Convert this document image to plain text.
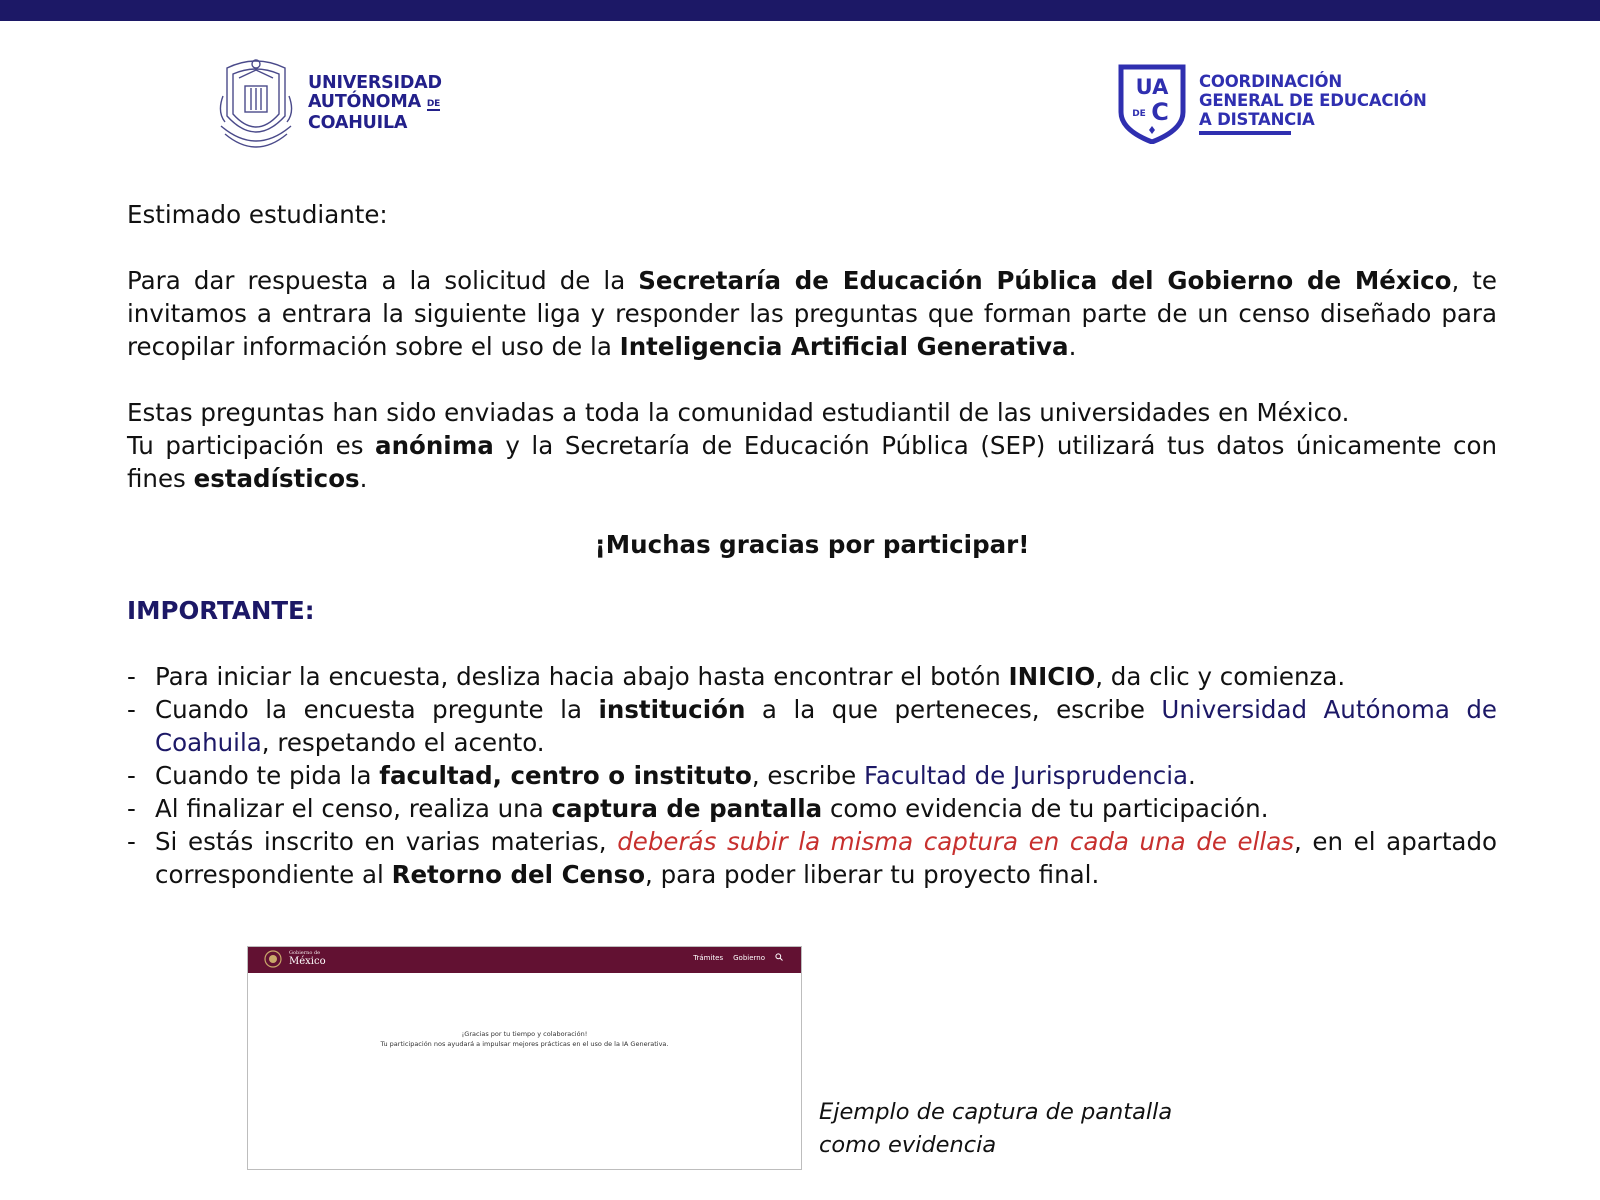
UNIVERSIDAD
AUTÓNOMA DE
COAHUILA
UA
DE C
COORDINACIÓN
GENERAL DE EDUCACIÓN
A DISTANCIA

Estimado estudiante:

Para dar respuesta a la solicitud de la Secretaría de Educación Pública del Gobierno de México, te invitamos a entrara la siguiente liga y responder las preguntas que forman parte de un censo diseñado para recopilar información sobre el uso de la Inteligencia Artificial Generativa.

Estas preguntas han sido enviadas a toda la comunidad estudiantil de las universidades en México.

Tu participación es anónima y la Secretaría de Educación Pública (SEP) utilizará tus datos únicamente con fines estadísticos.

¡Muchas gracias por participar!

IMPORTANTE:

- Para iniciar la encuesta, desliza hacia abajo hasta encontrar el botón INICIO, da clic y comienza.
- Cuando la encuesta pregunte la institución a la que perteneces, escribe Universidad Autónoma de Coahuila, respetando el acento.
- Cuando te pida la facultad, centro o instituto, escribe Facultad de Jurisprudencia.
- Al finalizar el censo, realiza una captura de pantalla como evidencia de tu participación.
- Si estás inscrito en varias materias, deberás subir la misma captura en cada una de ellas, en el apartado correspondiente al Retorno del Censo, para poder liberar tu proyecto final.
Gobierno de
México	Trámites Gobierno
¡Gracias por tu tiempo y colaboración!
Tu participación nos ayudará a impulsar mejores prácticas en el uso de la IA Generativa.
Ejemplo de captura de pantalla
como evidencia
